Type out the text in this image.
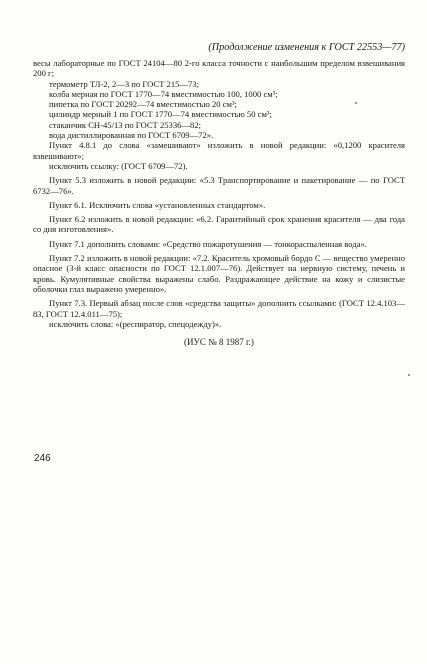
(Продолжение изменения к ГОСТ 22553—77)

весы лабораторные по ГОСТ 24104—80 2-го класса точности с наибольшим пределом взвешивания 200 г;

термометр ТЛ-2, 2—3 по ГОСТ 215—73;

колба мерная по ГОСТ 1770—74 вместимостью 100, 1000 см³;

пипетка по ГОСТ 20292—74 вместимостью 20 см³;

цилиндр мерный 1 по ГОСТ 1770—74 вместимостью 50 см³;

стаканчик СН-45/13 по ГОСТ 25336—82;

вода дистиллированная по ГОСТ 6709—72».

Пункт 4.8.1 до слова «замешивают» изложить в новой редакции: «0,1200 красителя взвешивают»;

исключить ссылку: (ГОСТ 6709—72).

Пункт 5.3 изложить в новой редакции: «5.3 Транспортирование и пакетирование — по ГОСТ 6732—76».

Пункт 6.1. Исключить слова «установленных стандартом».

Пункт 6.2 изложить в новой редакции: «6.2. Гарантийный срок хранения красителя — два года со дня изготовления».

Пункт 7.1 дополнить словами: «Средство пожаротушения — тонкораспыленная вода».

Пункт 7.2 изложить в новой редакции: «7.2. Краситель хромовый бордо С — вещество умеренно опасное (3-й класс опасности по ГОСТ 12.1.007—76). Действует на нервную систему, печень и кровь. Кумулятивные свойства выражены слабо. Раздражающее действие на кожу и слизистые оболочки глаз выражено умеренно».

Пункт 7.3. Первый абзац после слов «средства защиты» дополнить ссылками: (ГОСТ 12.4.103—83, ГОСТ 12.4.011—75);

исключить слова: «(респиратор, спецодежду)».

(ИУС № 8 1987 г.)

246
